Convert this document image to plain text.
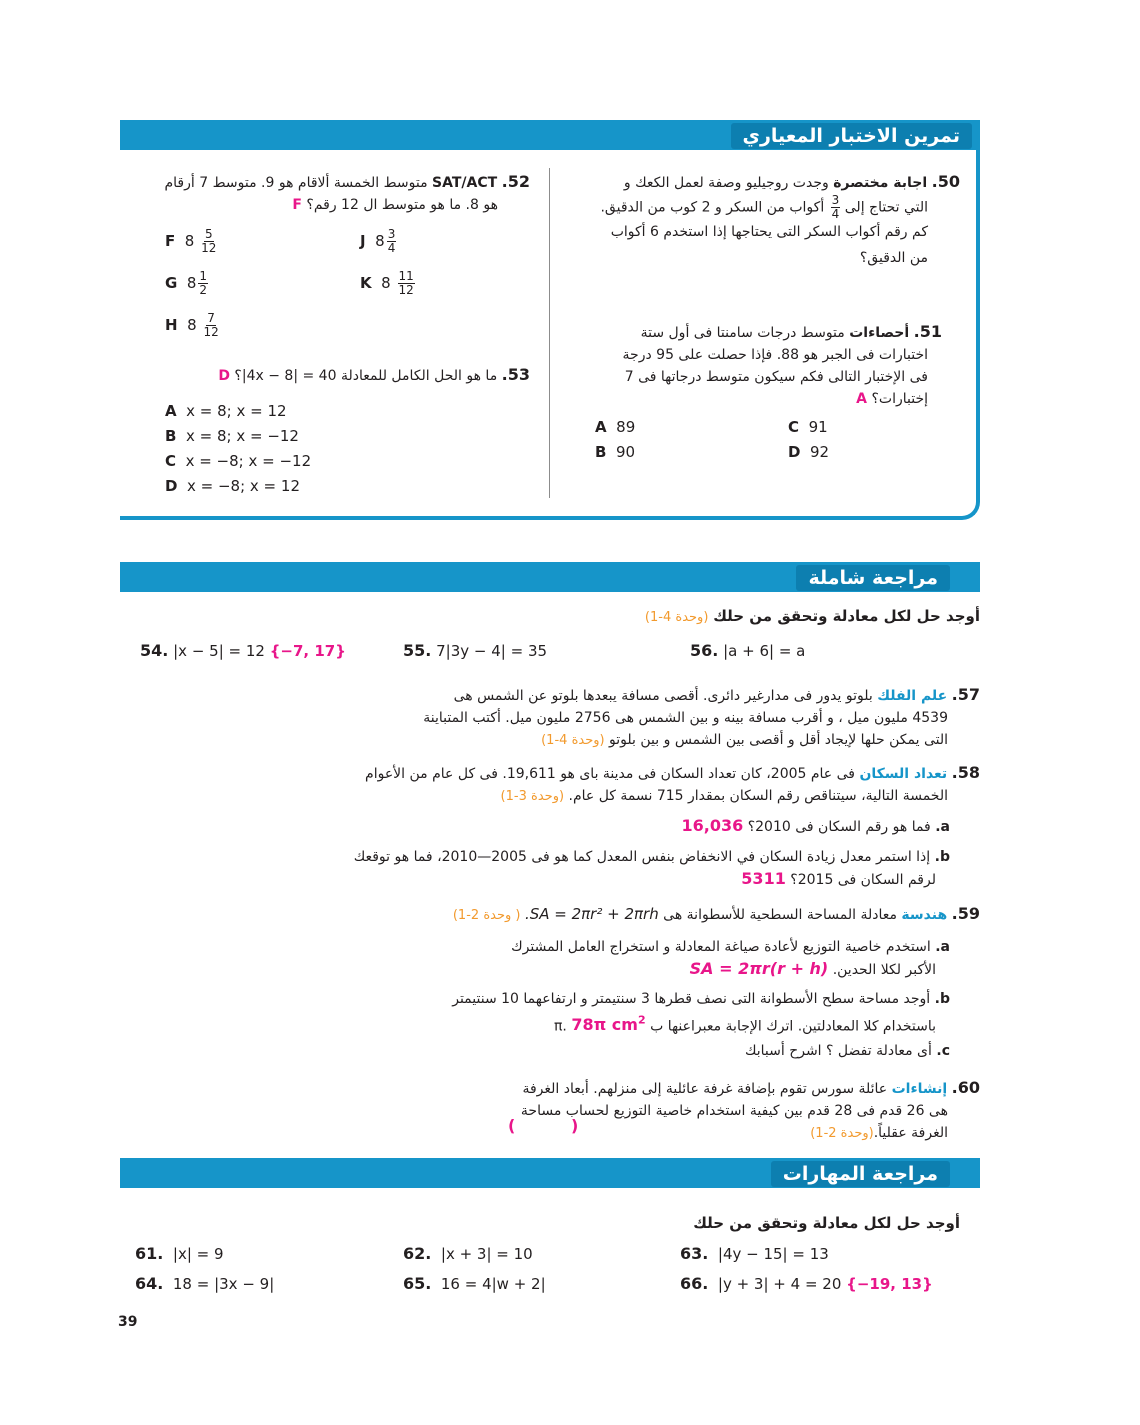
تمرين الاختبار المعياري
50. اجابة مختصرة وجدت روجيليو وصفة لعمل الكعك و
التي تحتاج إلى
$\frac{3}{4}$
أكواب من السكر و 2 كوب من الدقيق.
كم رقم أكواب السكر التى يحتاجها إذا استخدم 6 أكواب
من الدقيق؟
51. أحصاءات متوسط درجات سامنتا فى أول ستة
اختبارات فى الجبر هو 88. فإذا حصلت على 95 درجة
فى الإختبار التالى فكم سيكون متوسط درجاتها فى 7
إختبارات؟ A
A 89
B 90
C 91
D 92
52. SAT/ACT متوسط الخمسة ألاقام هو 9. متوسط 7 أرقام
هو 8. ما هو متوسط ال 12 رقم؟ F
F $8 \frac{5}{12}$	J $8 \frac{3}{4}$
G $8 \frac{1}{2}$	K $8 \frac{11}{12}$
H $8 \frac{7}{12}$
53. ما هو الحل الكامل للمعادلة 40 = |4x − 8|؟ D
A x = 8; x = 12
B x = 8; x = −12
C x = −8; x = −12
D x = −8; x = 12
مراجعة شاملة
أوجد حل لكل معادلة وتحقق من حلك (وحدة 4-1)
54. |x − 5| = 12 {−7, 17}	55. 7|3y − 4| = 35	56. |a + 6| = a
57. علم الفلك بلوتو يدور فى مدارغير دائرى. أقصى مسافة يبعدها بلوتو عن الشمس هى
4539 مليون ميل ، و أقرب مسافة بينه و بين الشمس هى 2756 مليون ميل. أكتب المتباينة
التى يمكن حلها لإيجاد أقل و أقصى بين الشمس و بين بلوتو (وحدة 4-1)
58. تعداد السكان فى عام 2005، كان تعداد السكان فى مدينة باى هو 19,611. فى كل عام من الأعوام
الخمسة التالية، سيتناقص رقم السكان بمقدار 715 نسمة كل عام. (وحدة 3-1)
a. فما هو رقم السكان فى 2010؟ 16,036
b. إذا استمر معدل زيادة السكان في الانخفاض بنفس المعدل كما هو فى 2005—2010، فما هو توقعك
لرقم السكان فى 2015؟ 5311
59. هندسة معادلة المساحة السطحية للأسطوانة هى SA = 2πr² + 2πrh. ( وحدة 2-1)
a. استخدم خاصية التوزيع لأعادة صياغة المعادلة و استخراج العامل المشترك
الأكبر لكلا الحدين. SA = 2πr(r + h)
b. أوجد مساحة سطح الأسطوانة التى نصف قطرها 3 سنتيمتر و ارتفاعهما 10 سنتيمتر
باستخدام كلا المعادلتين. اترك الإجابة معبراعنها ب π. 78π $cm^2$
c. أى معادلة تفضل ؟ اشرح أسبابك
60. إنشاءات عائلة سورس تقوم بإضافة غرفة عائلية إلى منزلهم. أبعاد الغرفة
هى 26 قدم فى 28 قدم بين كيفية استخدام خاصية التوزيع لحساب مساحة
الغرفة عقلياً.(وحدة 2-1)
(	)
مراجعة المهارات
أوجد حل لكل معادلة وتحقق من حلك
61. |x| = 9	62. |x + 3| = 10	63. |4y − 15| = 13
64. 18 = |3x − 9|	65. 16 = 4|w + 2|	66. |y + 3| + 4 = 20 {−19, 13}
39
